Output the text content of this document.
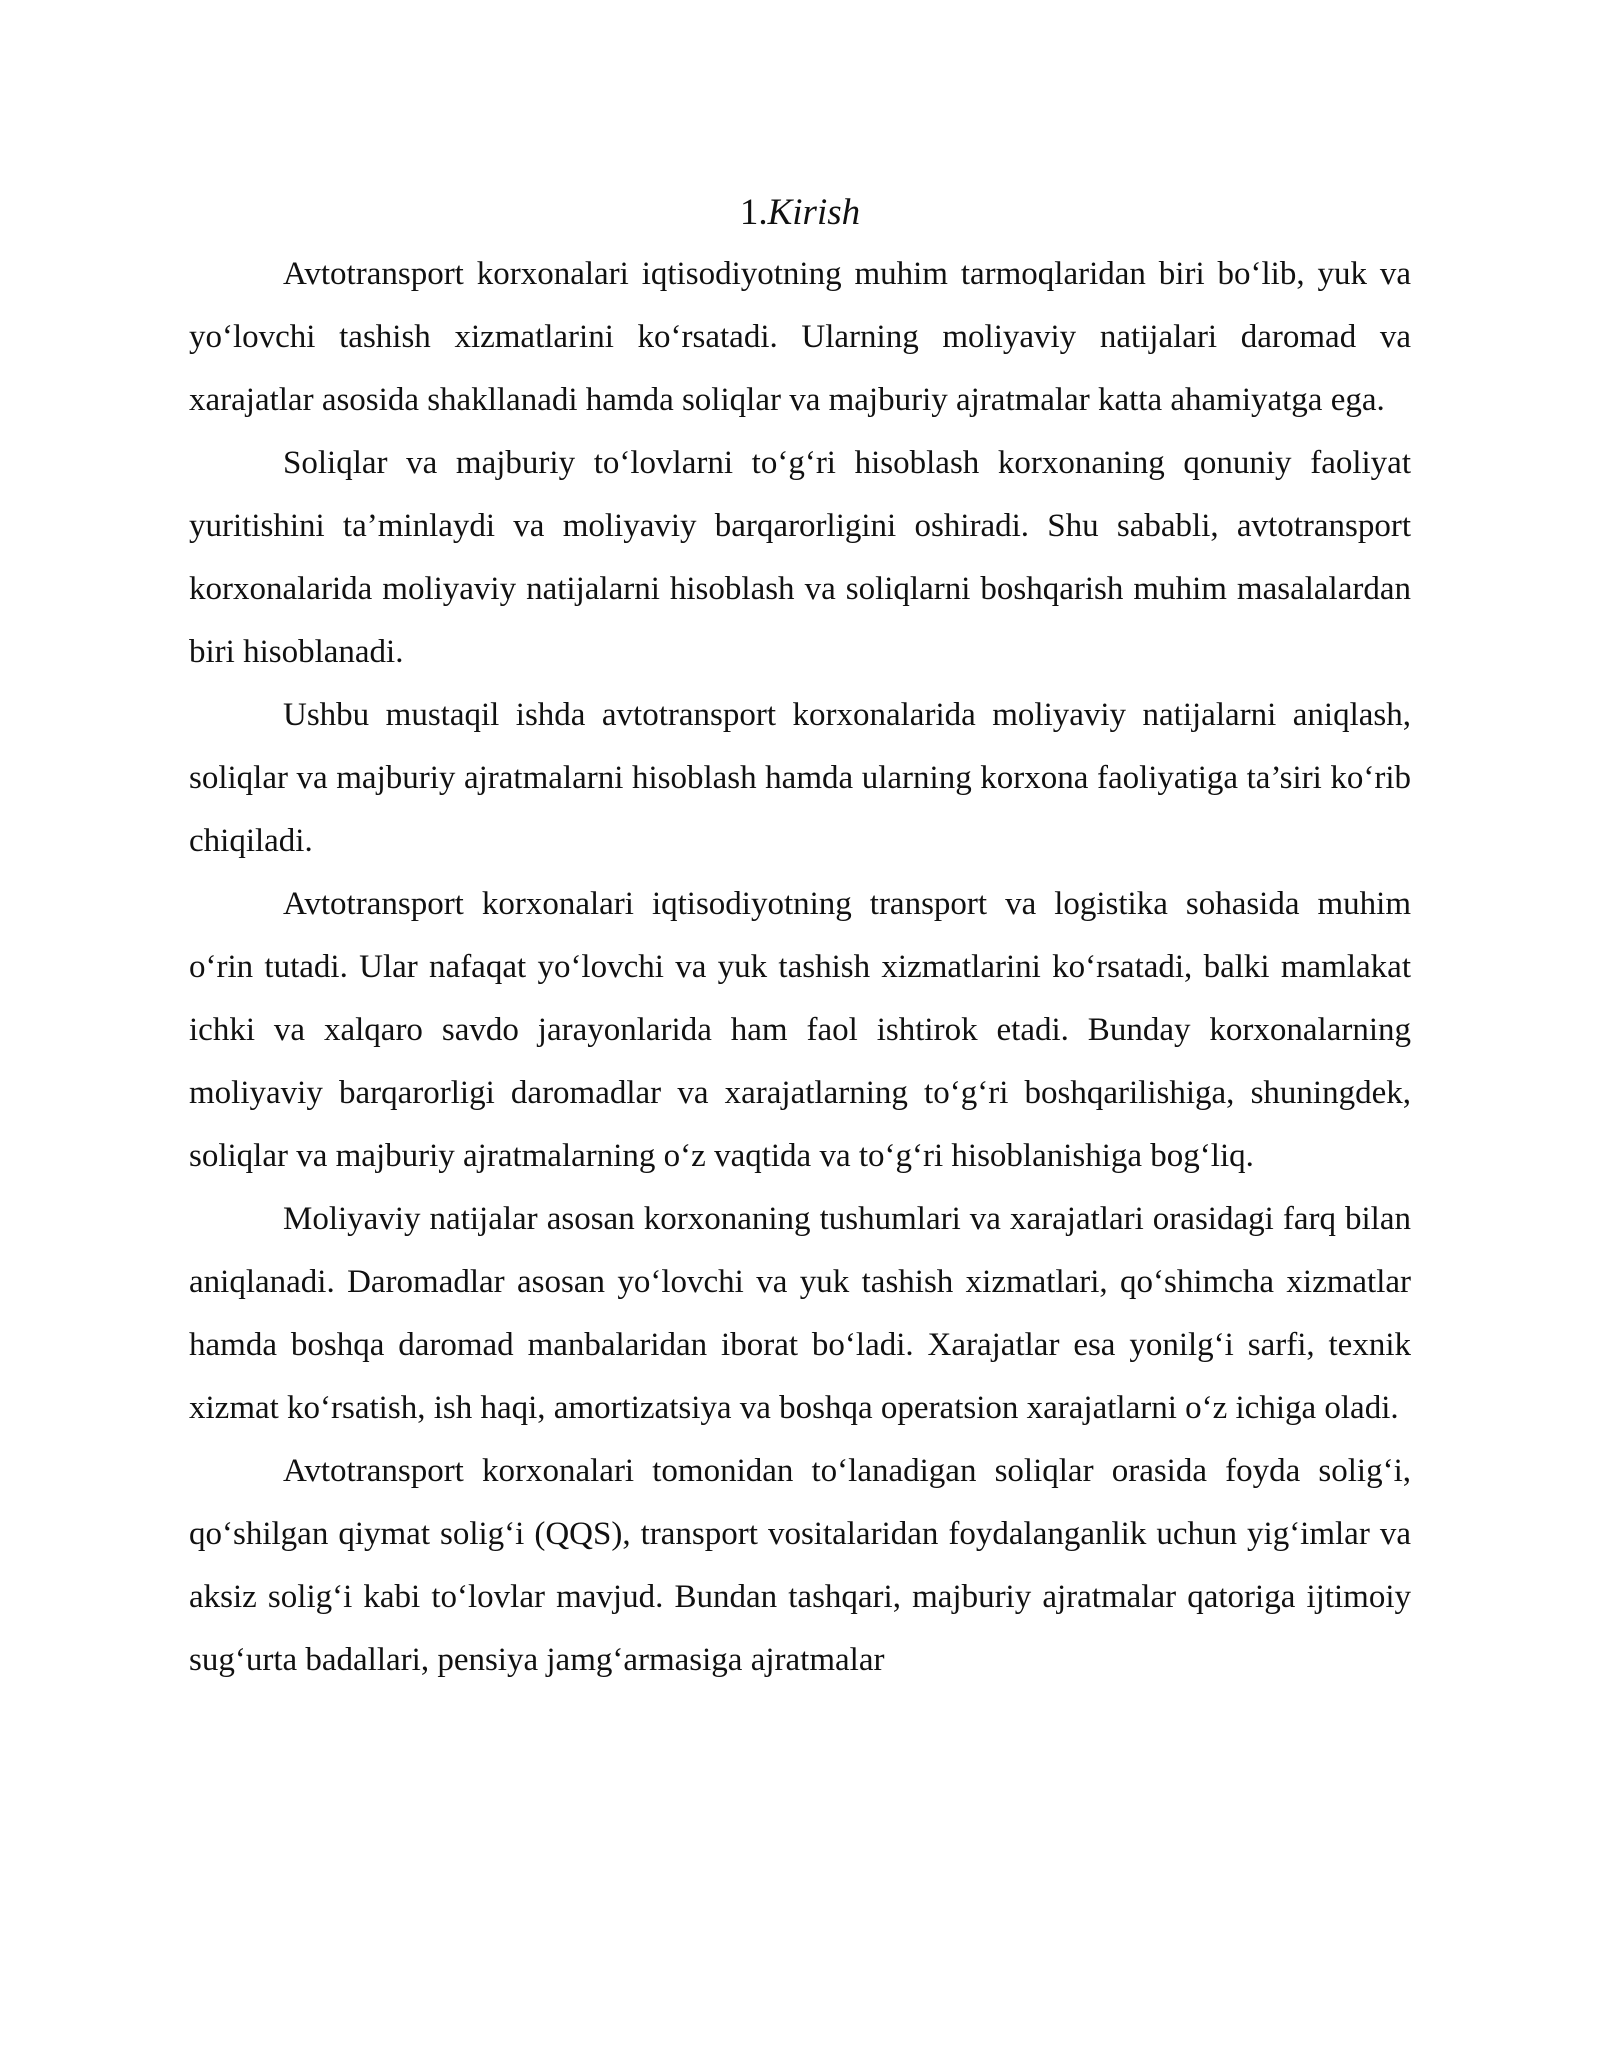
1.Kirish

Avtotransport korxonalari iqtisodiyotning muhim tarmoqlaridan biri bo‘lib, yuk va yo‘lovchi tashish xizmatlarini ko‘rsatadi. Ularning moliyaviy natijalari daromad va xarajatlar asosida shakllanadi hamda soliqlar va majburiy ajratmalar katta ahamiyatga ega.

Soliqlar va majburiy to‘lovlarni to‘g‘ri hisoblash korxonaning qonuniy faoliyat yuritishini ta’minlaydi va moliyaviy barqarorligini oshiradi. Shu sababli, avtotransport korxonalarida moliyaviy natijalarni hisoblash va soliqlarni boshqarish muhim masalalardan biri hisoblanadi.

Ushbu mustaqil ishda avtotransport korxonalarida moliyaviy natijalarni aniqlash, soliqlar va majburiy ajratmalarni hisoblash hamda ularning korxona faoliyatiga ta’siri ko‘rib chiqiladi.

Avtotransport korxonalari iqtisodiyotning transport va logistika sohasida muhim o‘rin tutadi. Ular nafaqat yo‘lovchi va yuk tashish xizmatlarini ko‘rsatadi, balki mamlakat ichki va xalqaro savdo jarayonlarida ham faol ishtirok etadi. Bunday korxonalarning moliyaviy barqarorligi daromadlar va xarajatlarning to‘g‘ri boshqarilishiga, shuningdek, soliqlar va majburiy ajratmalarning o‘z vaqtida va to‘g‘ri hisoblanishiga bog‘liq.

Moliyaviy natijalar asosan korxonaning tushumlari va xarajatlari orasidagi farq bilan aniqlanadi. Daromadlar asosan yo‘lovchi va yuk tashish xizmatlari, qo‘shimcha xizmatlar hamda boshqa daromad manbalaridan iborat bo‘ladi. Xarajatlar esa yonilg‘i sarfi, texnik xizmat ko‘rsatish, ish haqi, amortizatsiya va boshqa operatsion xarajatlarni o‘z ichiga oladi.

Avtotransport korxonalari tomonidan to‘lanadigan soliqlar orasida foyda solig‘i, qo‘shilgan qiymat solig‘i (QQS), transport vositalaridan foydalanganlik uchun yig‘imlar va aksiz solig‘i kabi to‘lovlar mavjud. Bundan tashqari, majburiy ajratmalar qatoriga ijtimoiy sug‘urta badallari, pensiya jamg‘armasiga ajratmalar
